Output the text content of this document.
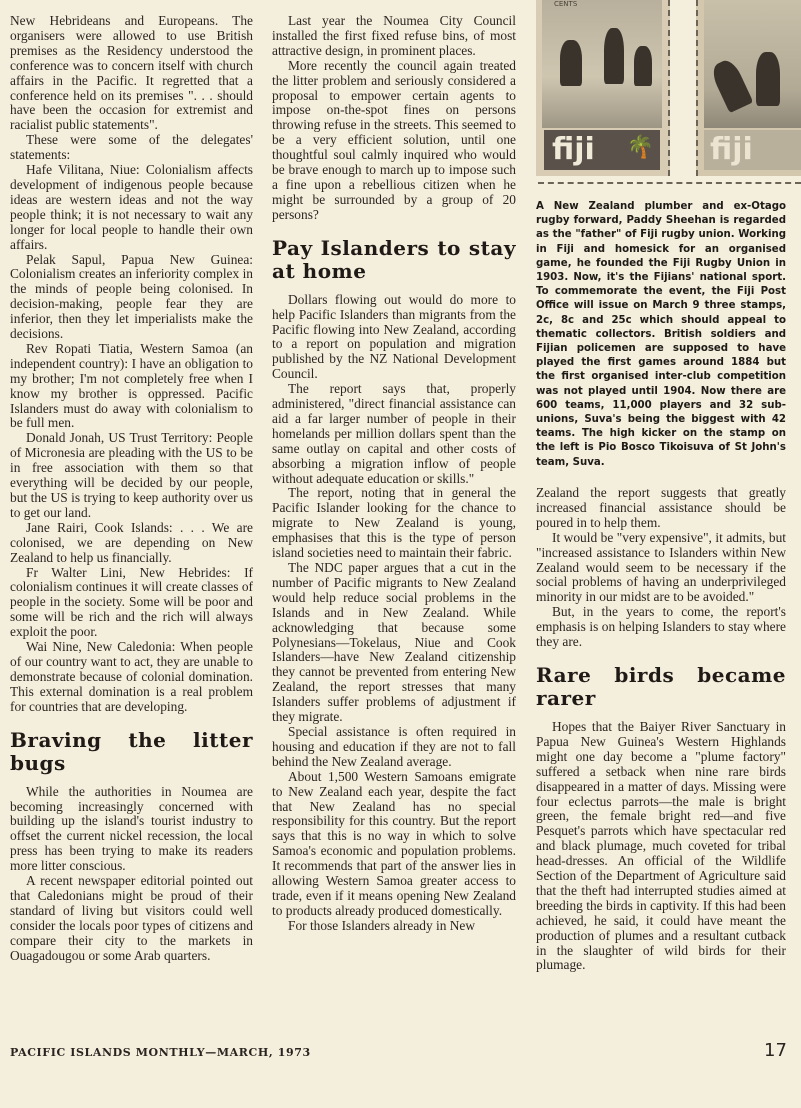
New Hebrideans and Europeans. The organisers were allowed to use British premises as the Residency understood the conference was to concern itself with church affairs in the Pacific. It regretted that a conference held on its premises ". . . should have been the occasion for extremist and racialist public statements".

These were some of the delegates' statements:

Hafe Vilitana, Niue: Colonialism affects development of indigenous people because ideas are western ideas and not the way people think; it is not necessary to wait any longer for local people to handle their own affairs.

Pelak Sapul, Papua New Guinea: Colonialism creates an inferiority complex in the minds of people being colonised. In decision-making, people fear they are inferior, then they let imperialists make the decisions.

Rev Ropati Tiatia, Western Samoa (an independent country): I have an obligation to my brother; I'm not completely free when I know my brother is oppressed. Pacific Islanders must do away with colonialism to be full men.

Donald Jonah, US Trust Territory: People of Micronesia are pleading with the US to be in free association with them so that everything will be decided by our people, but the US is trying to keep authority over us to get our land.

Jane Rairi, Cook Islands: . . . We are colonised, we are depending on New Zealand to help us financially.

Fr Walter Lini, New Hebrides: If colonialism continues it will create classes of people in the society. Some will be poor and some will be rich and the rich will always exploit the poor.

Wai Nine, New Caledonia: When people of our country want to act, they are unable to demonstrate because of colonial domination. This external domination is a real problem for countries that are developing.

Braving the litter bugs

While the authorities in Noumea are becoming increasingly concerned with building up the island's tourist industry to offset the current nickel recession, the local press has been trying to make its readers more litter conscious.

A recent newspaper editorial pointed out that Caledonians might be proud of their standard of living but visitors could well consider the locals poor types of citizens and compare their city to the markets in Ouagadougou or some Arab quarters.

Last year the Noumea City Council installed the first fixed refuse bins, of most attractive design, in prominent places.

More recently the council again treated the litter problem and seriously considered a proposal to empower certain agents to impose on-the-spot fines on persons throwing refuse in the streets. This seemed to be a very efficient solution, until one thoughtful soul calmly inquired who would be brave enough to march up to impose such a fine upon a rebellious citizen when he might be surrounded by a group of 20 persons?

Pay Islanders to stay at home

Dollars flowing out would do more to help Pacific Islanders than migrants from the Pacific flowing into New Zealand, according to a report on population and migration published by the NZ National Development Council.

The report says that, properly administered, "direct financial assistance can aid a far larger number of people in their homelands per million dollars spent than the same outlay on capital and other costs of absorbing a migration inflow of people without adequate education or skills."

The report, noting that in general the Pacific Islander looking for the chance to migrate to New Zealand is young, emphasises that this is the type of person island societies need to maintain their fabric.

The NDC paper argues that a cut in the number of Pacific migrants to New Zealand would help reduce social problems in the Islands and in New Zealand. While acknowledging that because some Polynesians—Tokelaus, Niue and Cook Islanders—have New Zealand citizenship they cannot be prevented from entering New Zealand, the report stresses that many Islanders suffer problems of adjustment if they migrate.

Special assistance is often required in housing and education if they are not to fall behind the New Zealand average.

About 1,500 Western Samoans emigrate to New Zealand each year, despite the fact that New Zealand has no special responsibility for this country. But the report says that this is no way in which to solve Samoa's economic and population problems. It recommends that part of the answer lies in allowing Western Samoa greater access to trade, even if it means opening New Zealand to products already produced domestically.

For those Islanders already in New

CENTS
fiji 🌴 fiji
A New Zealand plumber and ex-Otago rugby forward, Paddy Sheehan is regarded as the "father" of Fiji rugby union. Working in Fiji and homesick for an organised game, he founded the Fiji Rugby Union in 1903. Now, it's the Fijians' national sport. To commemorate the event, the Fiji Post Office will issue on March 9 three stamps, 2c, 8c and 25c which should appeal to thematic collectors. British soldiers and Fijian policemen are supposed to have played the first games around 1884 but the first organised inter-club competition was not played until 1904. Now there are 600 teams, 11,000 players and 32 sub-unions, Suva's being the biggest with 42 teams. The high kicker on the stamp on the left is Pio Bosco Tikoisuva of St John's team, Suva.

Zealand the report suggests that greatly increased financial assistance should be poured in to help them.

It would be "very expensive", it admits, but "increased assistance to Islanders within New Zealand would seem to be necessary if the social problems of having an underprivileged minority in our midst are to be avoided."

But, in the years to come, the report's emphasis is on helping Islanders to stay where they are.

Rare birds became rarer

Hopes that the Baiyer River Sanctuary in Papua New Guinea's Western Highlands might one day become a "plume factory" suffered a setback when nine rare birds disappeared in a matter of days. Missing were four eclectus parrots—the male is bright green, the female bright red—and five Pesquet's parrots which have spectacular red and black plumage, much coveted for tribal head-dresses. An official of the Wildlife Section of the Department of Agriculture said that the theft had interrupted studies aimed at breeding the birds in captivity. If this had been achieved, he said, it could have meant the production of plumes and a resultant cutback in the slaughter of wild birds for their plumage.

PACIFIC ISLANDS MONTHLY—MARCH, 1973	17
